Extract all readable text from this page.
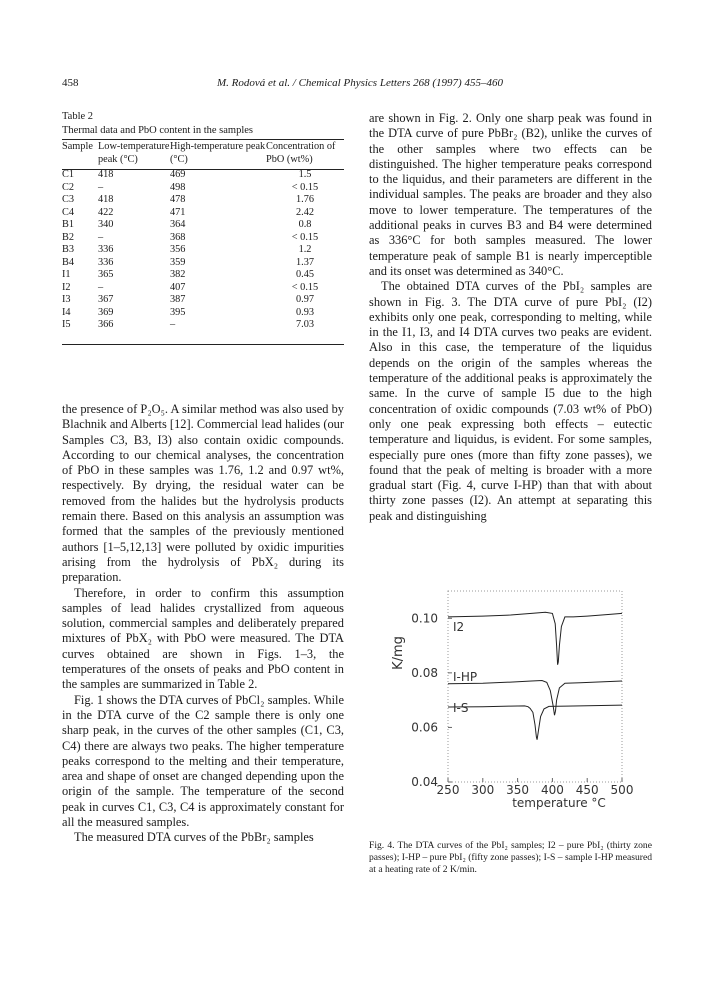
458	M. Rodová et al. / Chemical Physics Letters 268 (1997) 455–460
Table 2
Thermal data and PbO content in the samples
Sample	Low-temperature peak (°C)	High-temperature peak (°C)	Concentration of PbO (wt%)
C1	418	469	1.5
C2	–	498	< 0.15
C3	418	478	1.76
C4	422	471	2.42
B1	340	364	0.8
B2	–	368	< 0.15
B3	336	356	1.2
B4	336	359	1.37
I1	365	382	0.45
I2	–	407	< 0.15
I3	367	387	0.97
I4	369	395	0.93
I5	366	–	7.03

the presence of P₂O₅. A similar method was also used by Blachnik and Alberts [12]. Commercial lead halides (our Samples C3, B3, I3) also contain oxidic compounds. According to our chemical analyses, the concentration of PbO in these samples was 1.76, 1.2 and 0.97 wt%, respectively. By drying, the residual water can be removed from the halides but the hydrolysis products remain there. Based on this analysis an assumption was formed that the samples of the previously mentioned authors [1–5,12,13] were polluted by oxidic impurities arising from the hydrolysis of PbX₂ during its preparation.

Therefore, in order to confirm this assumption samples of lead halides crystallized from aqueous solution, commercial samples and deliberately prepared mixtures of PbX₂ with PbO were measured. The DTA curves obtained are shown in Figs. 1–3, the temperatures of the onsets of peaks and PbO content in the samples are summarized in Table 2.

Fig. 1 shows the DTA curves of PbCl₂ samples. While in the DTA curve of the C2 sample there is only one sharp peak, in the curves of the other samples (C1, C3, C4) there are always two peaks. The higher temperature peaks correspond to the melting and their temperature, area and shape of onset are changed depending upon the origin of the sample. The temperature of the second peak in curves C1, C3, C4 is approximately constant for all the measured samples.

The measured DTA curves of the PbBr₂ samples

are shown in Fig. 2. Only one sharp peak was found in the DTA curve of pure PbBr₂ (B2), unlike the curves of the other samples where two effects can be distinguished. The higher temperature peaks correspond to the liquidus, and their parameters are different in the individual samples. The peaks are broader and they also move to lower temperature. The temperatures of the additional peaks in curves B3 and B4 were determined as 336°C for both samples measured. The lower temperature peak of sample B1 is nearly imperceptible and its onset was determined as 340°C.

The obtained DTA curves of the PbI₂ samples are shown in Fig. 3. The DTA curve of pure PbI₂ (I2) exhibits only one peak, corresponding to melting, while in the I1, I3, and I4 DTA curves two peaks are evident. Also in this case, the temperature of the liquidus depends on the origin of the samples whereas the temperature of the additional peaks is approximately the same. In the curve of sample I5 due to the high concentration of oxidic compounds (7.03 wt% of PbO) only one peak expressing both effects – eutectic temperature and liquidus, is evident. For some samples, especially pure ones (more than fifty zone passes), we found that the peak of melting is broader with a more gradual start (Fig. 4, curve I-HP) than that with about thirty zone passes (I2). An attempt at separating this peak and distinguishing

0.04
0.06
0.08
0.10
250 300 350 400 450 500
I2
I-HP
I-S
K/mg
temperature °C
Fig. 4. The DTA curves of the PbI₂ samples; I2 – pure PbI₂ (thirty zone passes); I-HP – pure PbI₂ (fifty zone passes); I-S – sample I-HP measured at a heating rate of 2 K/min.
